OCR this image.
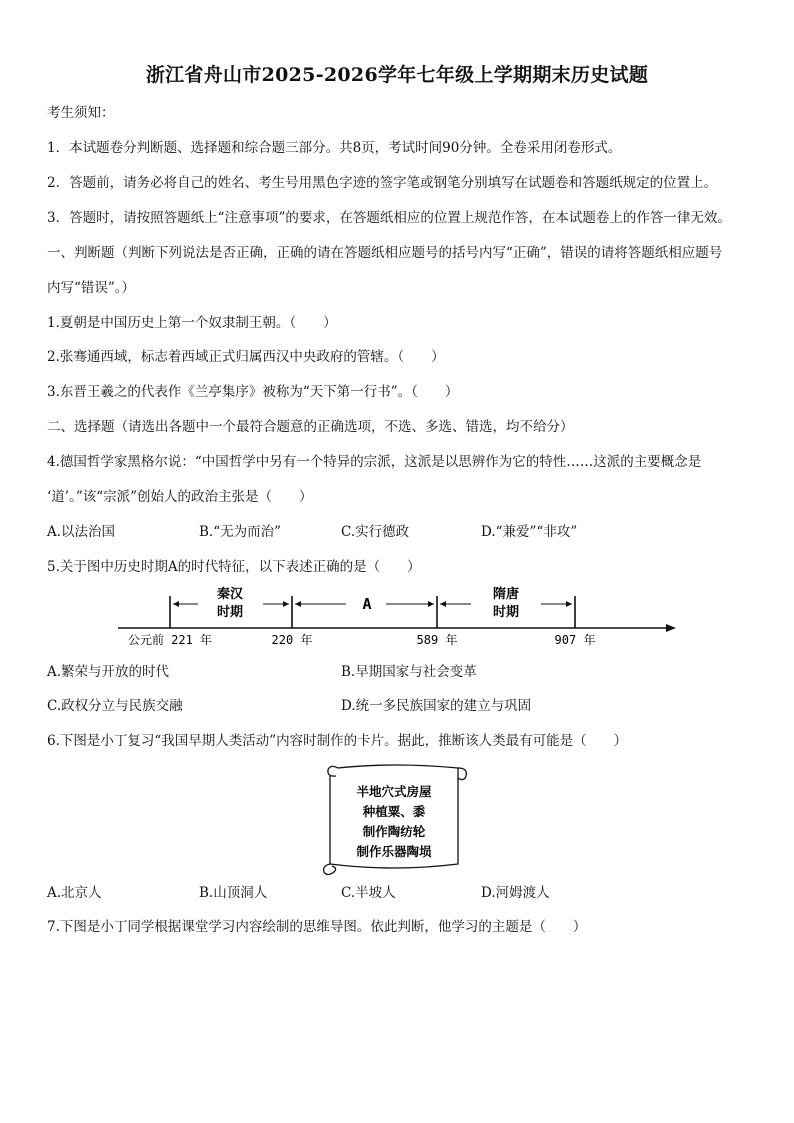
浙江省舟山市2025-2026学年七年级上学期期末历史试题
考生须知：
1．本试题卷分判断题、选择题和综合题三部分。共8页，考试时间90分钟。全卷采用闭卷形式。
2．答题前，请务必将自己的姓名、考生号用黑色字迹的签字笔或钢笔分别填写在试题卷和答题纸规定的位置上。
3．答题时，请按照答题纸上“注意事项”的要求，在答题纸相应的位置上规范作答，在本试题卷上的作答一律无效。
一、判断题（判断下列说法是否正确，正确的请在答题纸相应题号的括号内写“正确”，错误的请将答题纸相应题号
内写“错误”。）
1.夏朝是中国历史上第一个奴隶制王朝。（　　）
2.张骞通西域，标志着西域正式归属西汉中央政府的管辖。（　　）
3.东晋王羲之的代表作《兰亭集序》被称为“天下第一行书”。（　　）
二、选择题（请选出各题中一个最符合题意的正确选项，不选、多选、错选，均不给分）
4.德国哲学家黑格尔说：“中国哲学中另有一个特异的宗派，这派是以思辨作为它的特性……这派的主要概念是
‘道’。”该“宗派”创始人的政治主张是（　　）
A.以法治国	B.“无为而治”	C.实行德政	D.“兼爱”“非攻”
5.关于图中历史时期A的时代特征，以下表述正确的是（　　）
秦汉
时期	A
隋唐
时期
公元前 221 年	220 年	589 年	907 年
A.繁荣与开放的时代	B.早期国家与社会变革
C.政权分立与民族交融	D.统一多民族国家的建立与巩固
6.下图是小丁复习“我国早期人类活动”内容时制作的卡片。据此，推断该人类最有可能是（　　）
半地穴式房屋
种植粟、黍
制作陶纺轮
制作乐器陶埙
A.北京人	B.山顶洞人	C.半坡人	D.河姆渡人
7.下图是小丁同学根据课堂学习内容绘制的思维导图。依此判断，他学习的主题是（　　）
